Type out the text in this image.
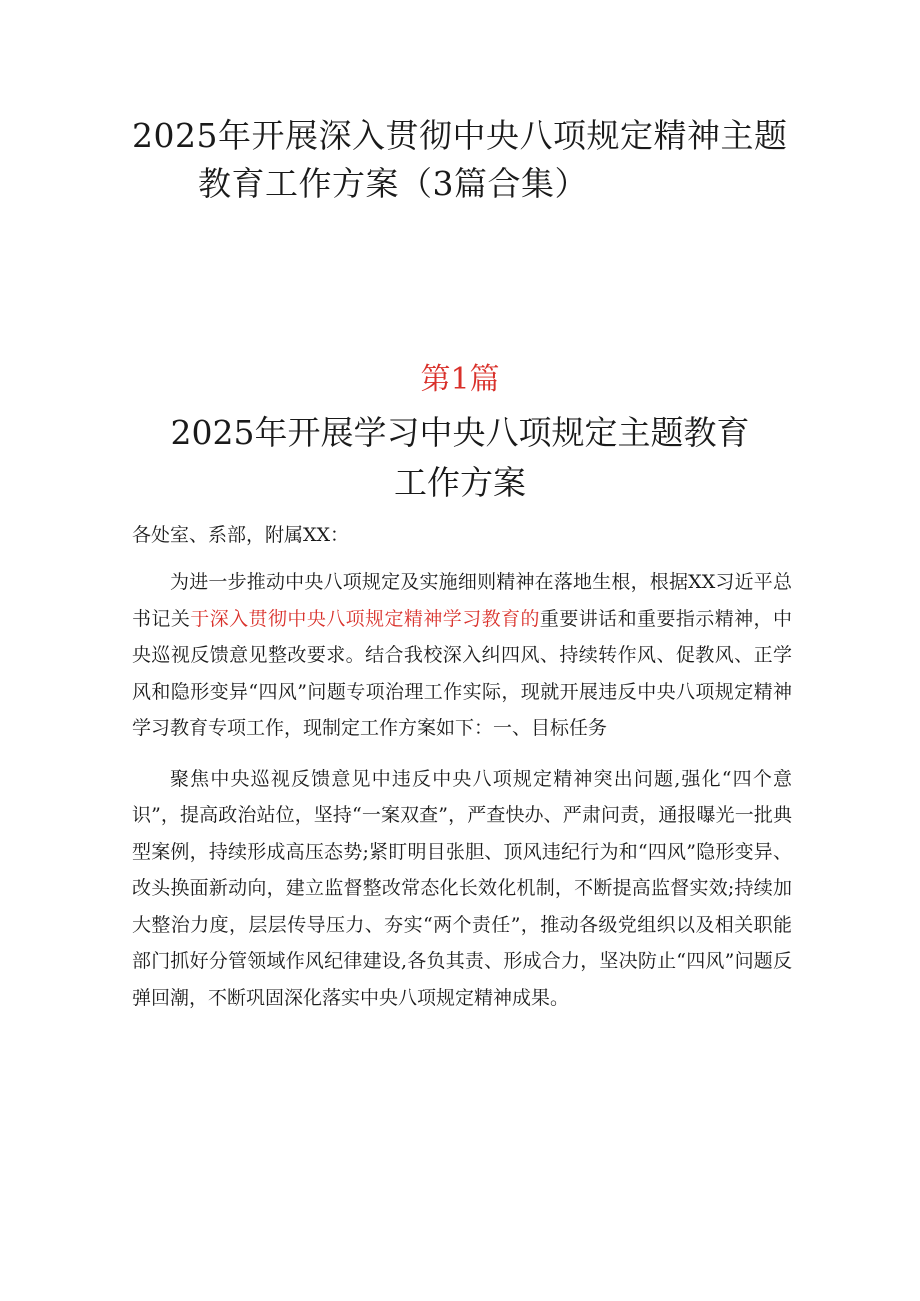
2025年开展深入贯彻中央八项规定精神主题
教育工作方案（3篇合集）
第1篇
2025年开展学习中央八项规定主题教育
工作方案

各处室、系部，附属XX：

为进一步推动中央八项规定及实施细则精神在落地生根，根据XX习近平总书记关于深入贯彻中央八项规定精神学习教育的重要讲话和重要指示精神，中央巡视反馈意见整改要求。结合我校深入纠四风、持续转作风、促教风、正学风和隐形变异“四风”问题专项治理工作实际，现就开展违反中央八项规定精神学习教育专项工作，现制定工作方案如下：一、目标任务

聚焦中央巡视反馈意见中违反中央八项规定精神突出问题,强化“四个意识”，提高政治站位，坚持“一案双查”，严查快办、严肃问责，通报曝光一批典型案例，持续形成高压态势;紧盯明目张胆、顶风违纪行为和“四风”隐形变异、改头换面新动向，建立监督整改常态化长效化机制，不断提高监督实效;持续加大整治力度，层层传导压力、夯实“两个责任”，推动各级党组织以及相关职能部门抓好分管领域作风纪律建设,各负其责、形成合力，坚决防止“四风”问题反弹回潮，不断巩固深化落实中央八项规定精神成果。
